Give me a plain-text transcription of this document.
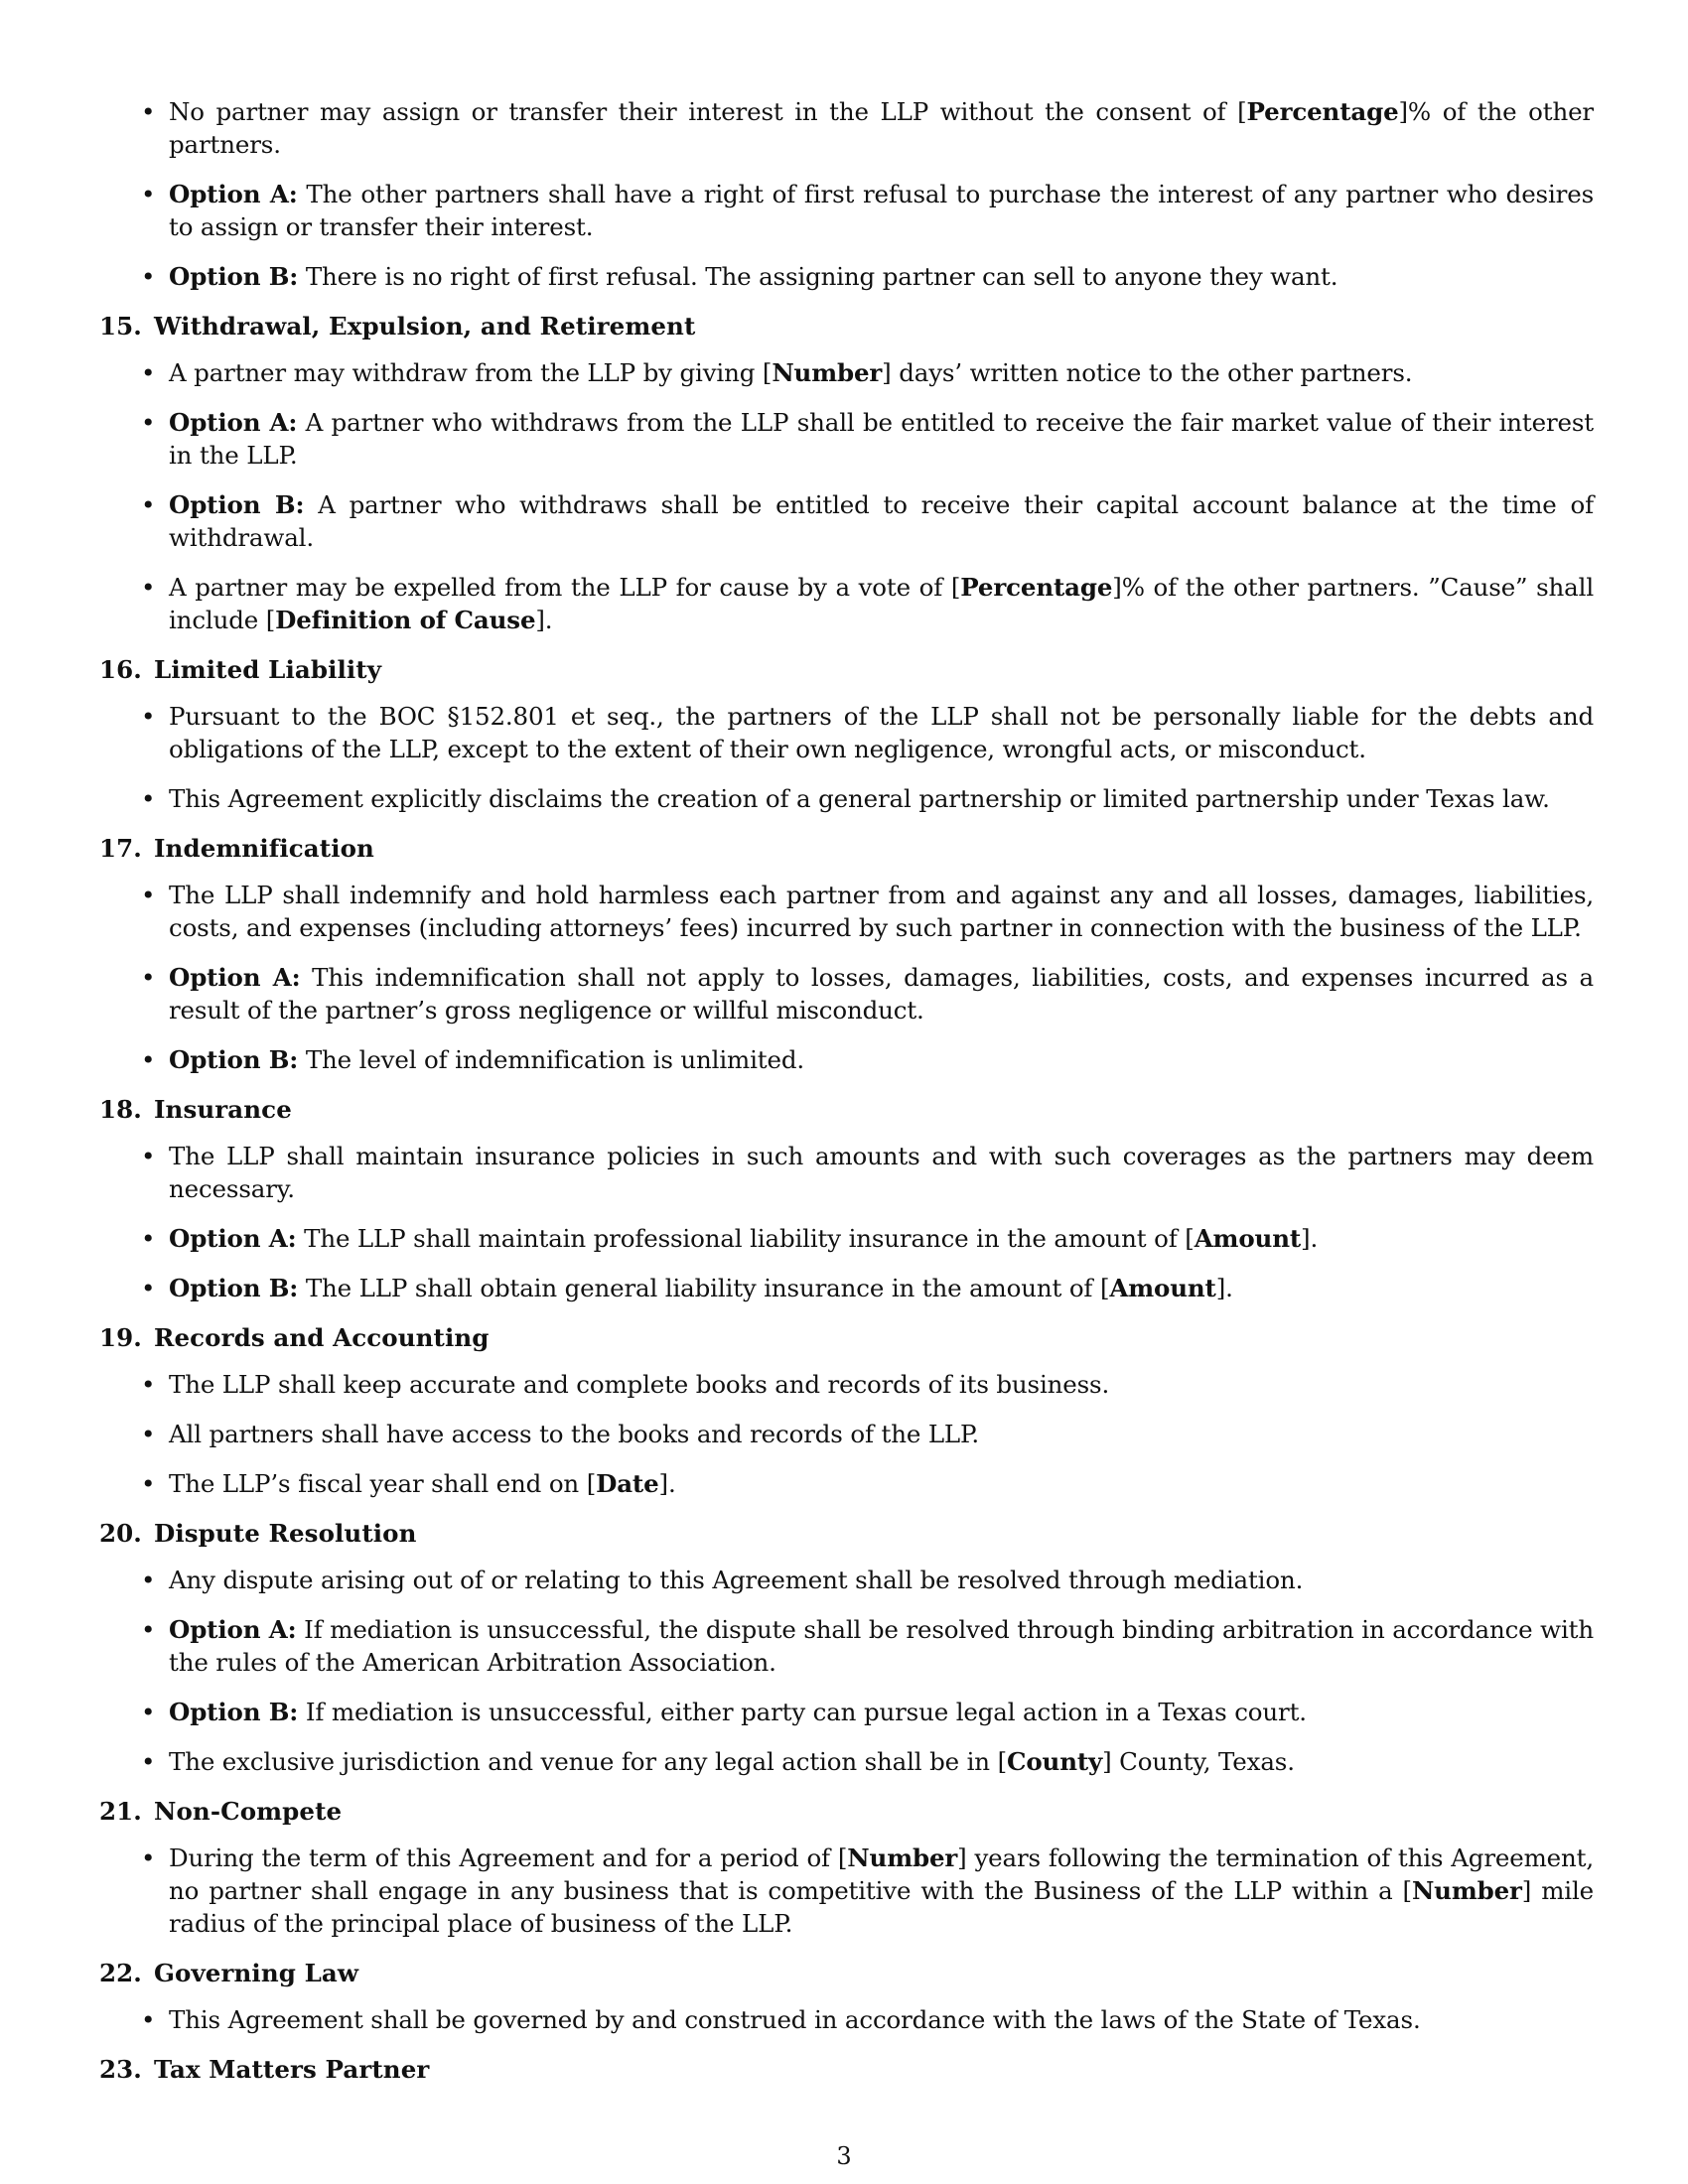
• No partner may assign or transfer their interest in the LLP without the consent of [Percentage]% of the other partners.
• Option A: The other partners shall have a right of first refusal to purchase the interest of any partner who desires to assign or transfer their interest.
• Option B: There is no right of first refusal. The assigning partner can sell to anyone they want.
15. Withdrawal, Expulsion, and Retirement
• A partner may withdraw from the LLP by giving [Number] days’ written notice to the other partners.
• Option A: A partner who withdraws from the LLP shall be entitled to receive the fair market value of their interest in the LLP.
• Option B: A partner who withdraws shall be entitled to receive their capital account balance at the time of withdrawal.
• A partner may be expelled from the LLP for cause by a vote of [Percentage]% of the other partners. ”Cause” shall include [Definition of Cause].
16. Limited Liability
• Pursuant to the BOC §152.801 et seq., the partners of the LLP shall not be personally liable for the debts and obligations of the LLP, except to the extent of their own negligence, wrongful acts, or misconduct.
• This Agreement explicitly disclaims the creation of a general partnership or limited partnership under Texas law.
17. Indemnification
• The LLP shall indemnify and hold harmless each partner from and against any and all losses, damages, liabilities, costs, and expenses (including attorneys’ fees) incurred by such partner in connection with the business of the LLP.
• Option A: This indemnification shall not apply to losses, damages, liabilities, costs, and expenses incurred as a result of the partner’s gross negligence or willful misconduct.
• Option B: The level of indemnification is unlimited.
18. Insurance
• The LLP shall maintain insurance policies in such amounts and with such coverages as the partners may deem necessary.
• Option A: The LLP shall maintain professional liability insurance in the amount of [Amount].
• Option B: The LLP shall obtain general liability insurance in the amount of [Amount].
19. Records and Accounting
• The LLP shall keep accurate and complete books and records of its business.
• All partners shall have access to the books and records of the LLP.
• The LLP’s fiscal year shall end on [Date].
20. Dispute Resolution
• Any dispute arising out of or relating to this Agreement shall be resolved through mediation.
• Option A: If mediation is unsuccessful, the dispute shall be resolved through binding arbitration in accordance with the rules of the American Arbitration Association.
• Option B: If mediation is unsuccessful, either party can pursue legal action in a Texas court.
• The exclusive jurisdiction and venue for any legal action shall be in [County] County, Texas.
21. Non-Compete
• During the term of this Agreement and for a period of [Number] years following the termination of this Agreement, no partner shall engage in any business that is competitive with the Business of the LLP within a [Number] mile radius of the principal place of business of the LLP.
22. Governing Law
• This Agreement shall be governed by and construed in accordance with the laws of the State of Texas.
23. Tax Matters Partner
3
